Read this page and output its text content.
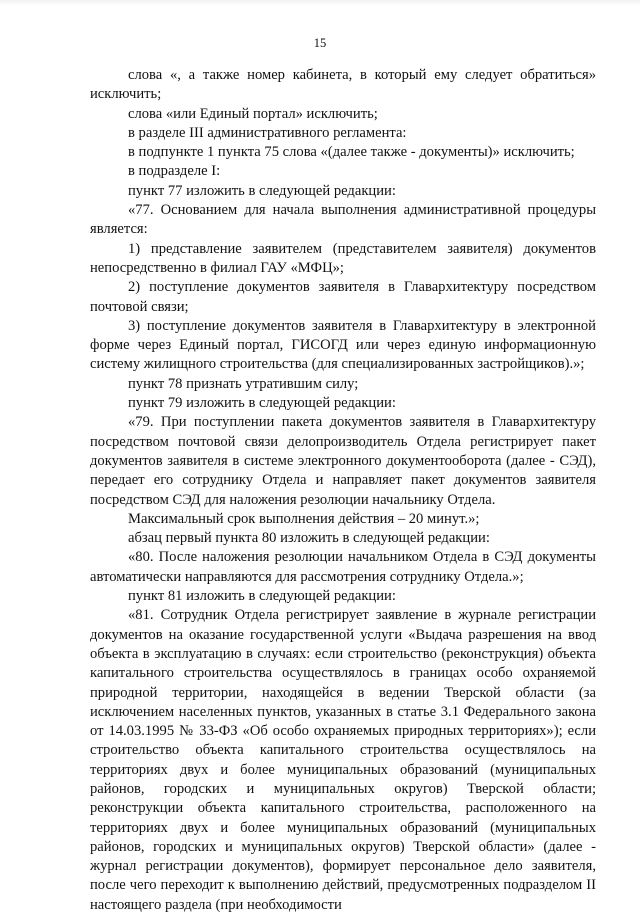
15

слова «, а также номер кабинета, в который ему следует обратиться» исключить;

слова «или Единый портал» исключить;

в разделе III административного регламента:

в подпункте 1 пункта 75 слова «(далее также - документы)» исключить;

в подразделе I:

пункт 77 изложить в следующей редакции:

«77. Основанием для начала выполнения административной процедуры является:

1) представление заявителем (представителем заявителя) документов непосредственно в филиал ГАУ «МФЦ»;

2) поступление документов заявителя в Главархитектуру посредством почтовой связи;

3) поступление документов заявителя в Главархитектуру в электронной форме через Единый портал, ГИСОГД или через единую информационную систему жилищного строительства (для специализированных застройщиков).»;

пункт 78 признать утратившим силу;

пункт 79 изложить в следующей редакции:

«79. При поступлении пакета документов заявителя в Главархитектуру посредством почтовой связи делопроизводитель Отдела регистрирует пакет документов заявителя в системе электронного документооборота (далее - СЭД), передает его сотруднику Отдела и направляет пакет документов заявителя посредством СЭД для наложения резолюции начальнику Отдела.

Максимальный срок выполнения действия – 20 минут.»;

абзац первый пункта 80 изложить в следующей редакции:

«80. После наложения резолюции начальником Отдела в СЭД документы автоматически направляются для рассмотрения сотруднику Отдела.»;

пункт 81 изложить в следующей редакции:

«81. Сотрудник Отдела регистрирует заявление в журнале регистрации документов на оказание государственной услуги «Выдача разрешения на ввод объекта в эксплуатацию в случаях: если строительство (реконструкция) объекта капитального строительства осуществлялось в границах особо охраняемой природной территории, находящейся в ведении Тверской области (за исключением населенных пунктов, указанных в статье 3.1 Федерального закона от 14.03.1995 № 33-ФЗ «Об особо охраняемых природных территориях»); если строительство объекта капитального строительства осуществлялось на территориях двух и более муниципальных образований (муниципальных районов, городских и муниципальных округов) Тверской области; реконструкции объекта капитального строительства, расположенного на территориях двух и более муниципальных образований (муниципальных районов, городских и муниципальных округов) Тверской области» (далее - журнал регистрации документов), формирует персональное дело заявителя, после чего переходит к выполнению действий, предусмотренных подразделом II настоящего раздела (при необходимости
